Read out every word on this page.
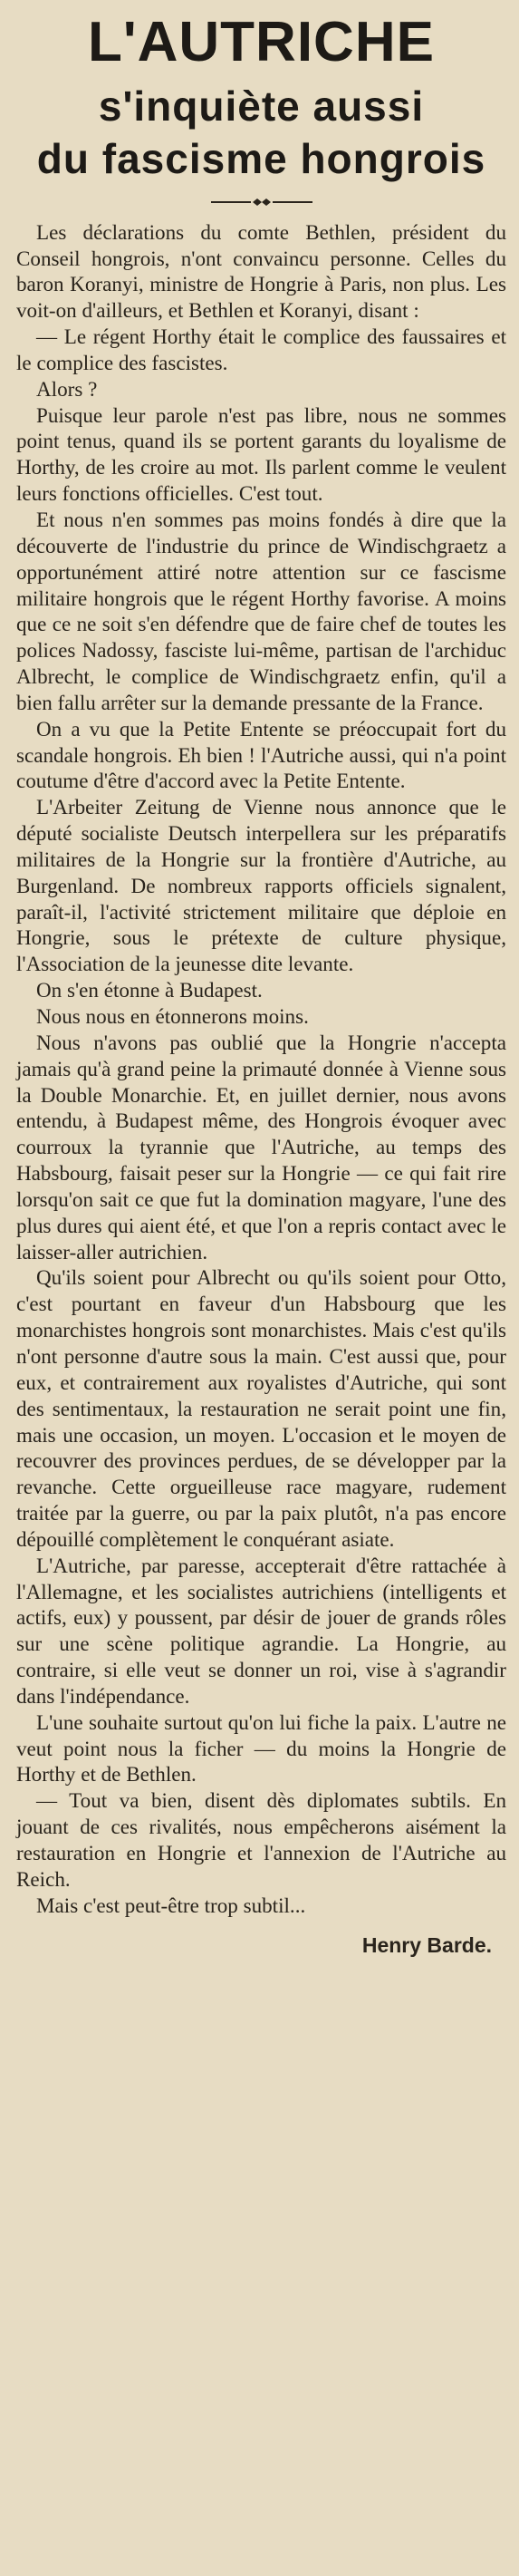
L'AUTRICHE
s'inquiète aussi
du fascisme hongrois

Les déclarations du comte Bethlen, président du Conseil hongrois, n'ont convaincu personne. Celles du baron Koranyi, ministre de Hongrie à Paris, non plus. Les voit-on d'ailleurs, et Bethlen et Koranyi, disant :

— Le régent Horthy était le complice des faussaires et le complice des fascistes.

Alors ?

Puisque leur parole n'est pas libre, nous ne sommes point tenus, quand ils se portent garants du loyalisme de Horthy, de les croire au mot. Ils parlent comme le veulent leurs fonctions officielles. C'est tout.

Et nous n'en sommes pas moins fondés à dire que la découverte de l'industrie du prince de Windischgraetz a opportunément attiré notre attention sur ce fascisme militaire hongrois que le régent Horthy favorise. A moins que ce ne soit s'en défendre que de faire chef de toutes les polices Nadossy, fasciste lui-même, partisan de l'archiduc Albrecht, le complice de Windischgraetz enfin, qu'il a bien fallu arrêter sur la demande pressante de la France.

On a vu que la Petite Entente se préoccupait fort du scandale hongrois. Eh bien ! l'Autriche aussi, qui n'a point coutume d'être d'accord avec la Petite Entente.

L'Arbeiter Zeitung de Vienne nous annonce que le député socialiste Deutsch interpellera sur les préparatifs militaires de la Hongrie sur la frontière d'Autriche, au Burgenland. De nombreux rapports officiels signalent, paraît-il, l'activité strictement militaire que déploie en Hongrie, sous le prétexte de culture physique, l'Association de la jeunesse dite levante.

On s'en étonne à Budapest.

Nous nous en étonnerons moins.

Nous n'avons pas oublié que la Hongrie n'accepta jamais qu'à grand peine la primauté donnée à Vienne sous la Double Monarchie. Et, en juillet dernier, nous avons entendu, à Budapest même, des Hongrois évoquer avec courroux la tyrannie que l'Autriche, au temps des Habsbourg, faisait peser sur la Hongrie — ce qui fait rire lorsqu'on sait ce que fut la domination magyare, l'une des plus dures qui aient été, et que l'on a repris contact avec le laisser-aller autrichien.

Qu'ils soient pour Albrecht ou qu'ils soient pour Otto, c'est pourtant en faveur d'un Habsbourg que les monarchistes hongrois sont monarchistes. Mais c'est qu'ils n'ont personne d'autre sous la main. C'est aussi que, pour eux, et contrairement aux royalistes d'Autriche, qui sont des sentimentaux, la restauration ne serait point une fin, mais une occasion, un moyen. L'occasion et le moyen de recouvrer des provinces perdues, de se développer par la revanche. Cette orgueilleuse race magyare, rudement traitée par la guerre, ou par la paix plutôt, n'a pas encore dépouillé complètement le conquérant asiate.

L'Autriche, par paresse, accepterait d'être rattachée à l'Allemagne, et les socialistes autrichiens (intelligents et actifs, eux) y poussent, par désir de jouer de grands rôles sur une scène politique agrandie. La Hongrie, au contraire, si elle veut se donner un roi, vise à s'agrandir dans l'indépendance.

L'une souhaite surtout qu'on lui fiche la paix. L'autre ne veut point nous la ficher — du moins la Hongrie de Horthy et de Bethlen.

— Tout va bien, disent dès diplomates subtils. En jouant de ces rivalités, nous empêcherons aisément la restauration en Hongrie et l'annexion de l'Autriche au Reich.

Mais c'est peut-être trop subtil...

Henry Barde.
